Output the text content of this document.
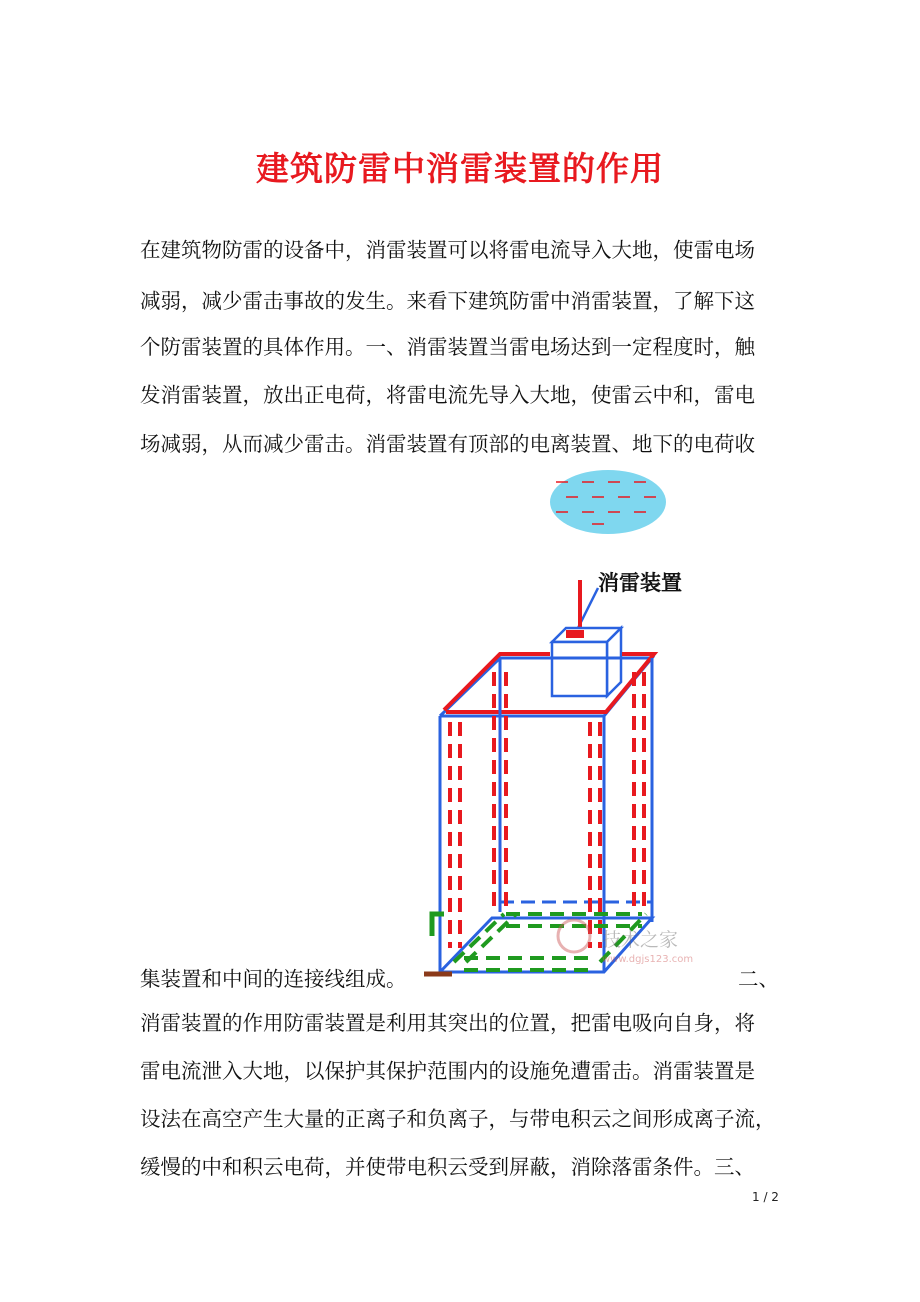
建筑防雷中消雷装置的作用
在建筑物防雷的设备中，消雷装置可以将雷电流导入大地，使雷电场
减弱，减少雷击事故的发生。来看下建筑防雷中消雷装置，了解下这
个防雷装置的具体作用。一、消雷装置当雷电场达到一定程度时，触
发消雷装置，放出正电荷，将雷电流先导入大地，使雷云中和，雷电
场减弱，从而减少雷击。消雷装置有顶部的电离装置、地下的电荷收
消雷装置
技术之家
www.dgjs123.com
集装置和中间的连接线组成。	二、
消雷装置的作用防雷装置是利用其突出的位置，把雷电吸向自身，将
雷电流泄入大地，以保护其保护范围内的设施免遭雷击。消雷装置是
设法在高空产生大量的正离子和负离子，与带电积云之间形成离子流，
缓慢的中和积云电荷，并使带电积云受到屏蔽，消除落雷条件。三、
1 / 2
